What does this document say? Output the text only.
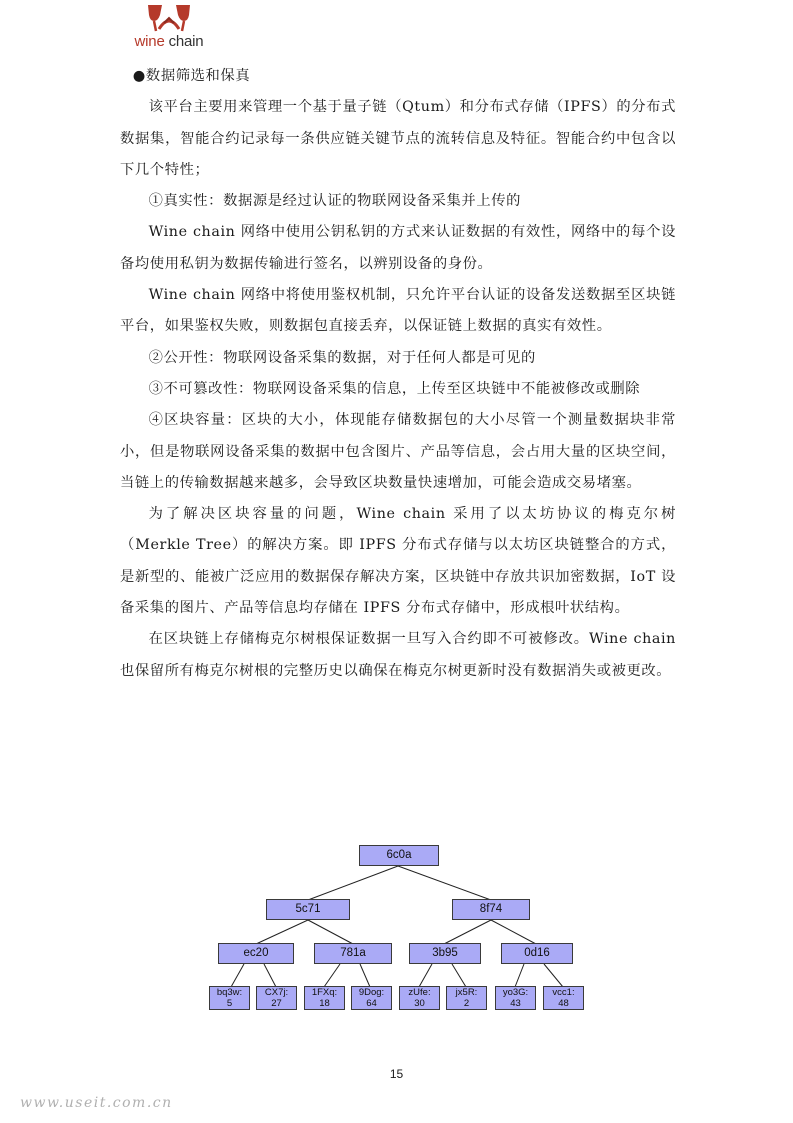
wine chain

●数据筛选和保真

该平台主要用来管理一个基于量子链（Qtum）和分布式存储（IPFS）的分布式数据集，智能合约记录每一条供应链关键节点的流转信息及特征。智能合约中包含以下几个特性；

①真实性：数据源是经过认证的物联网设备采集并上传的

Wine chain 网络中使用公钥私钥的方式来认证数据的有效性，网络中的每个设备均使用私钥为数据传输进行签名，以辨别设备的身份。

Wine chain 网络中将使用鉴权机制，只允许平台认证的设备发送数据至区块链平台，如果鉴权失败，则数据包直接丢弃，以保证链上数据的真实有效性。

②公开性：物联网设备采集的数据，对于任何人都是可见的

③不可篡改性：物联网设备采集的信息，上传至区块链中不能被修改或删除

④区块容量：区块的大小，体现能存储数据包的大小尽管一个测量数据块非常小，但是物联网设备采集的数据中包含图片、产品等信息，会占用大量的区块空间，当链上的传输数据越来越多，会导致区块数量快速增加，可能会造成交易堵塞。

为了解决区块容量的问题，Wine chain 采用了以太坊协议的梅克尔树（Merkle Tree）的解决方案。即 IPFS 分布式存储与以太坊区块链整合的方式，是新型的、能被广泛应用的数据保存解决方案，区块链中存放共识加密数据，IoT 设备采集的图片、产品等信息均存储在 IPFS 分布式存储中，形成根叶状结构。

在区块链上存储梅克尔树根保证数据一旦写入合约即不可被修改。Wine chain 也保留所有梅克尔树根的完整历史以确保在梅克尔树更新时没有数据消失或被更改。

6c0a
5c71	8f74
ec20	781a	3b95	0d16
bq3w:
5
CX7j:
27
1FXq:
18
9Dog:
64
zUfe:
30
jx5R:
2
yo3G:
43
vcc1:
48
15
www.useit.com.cn
